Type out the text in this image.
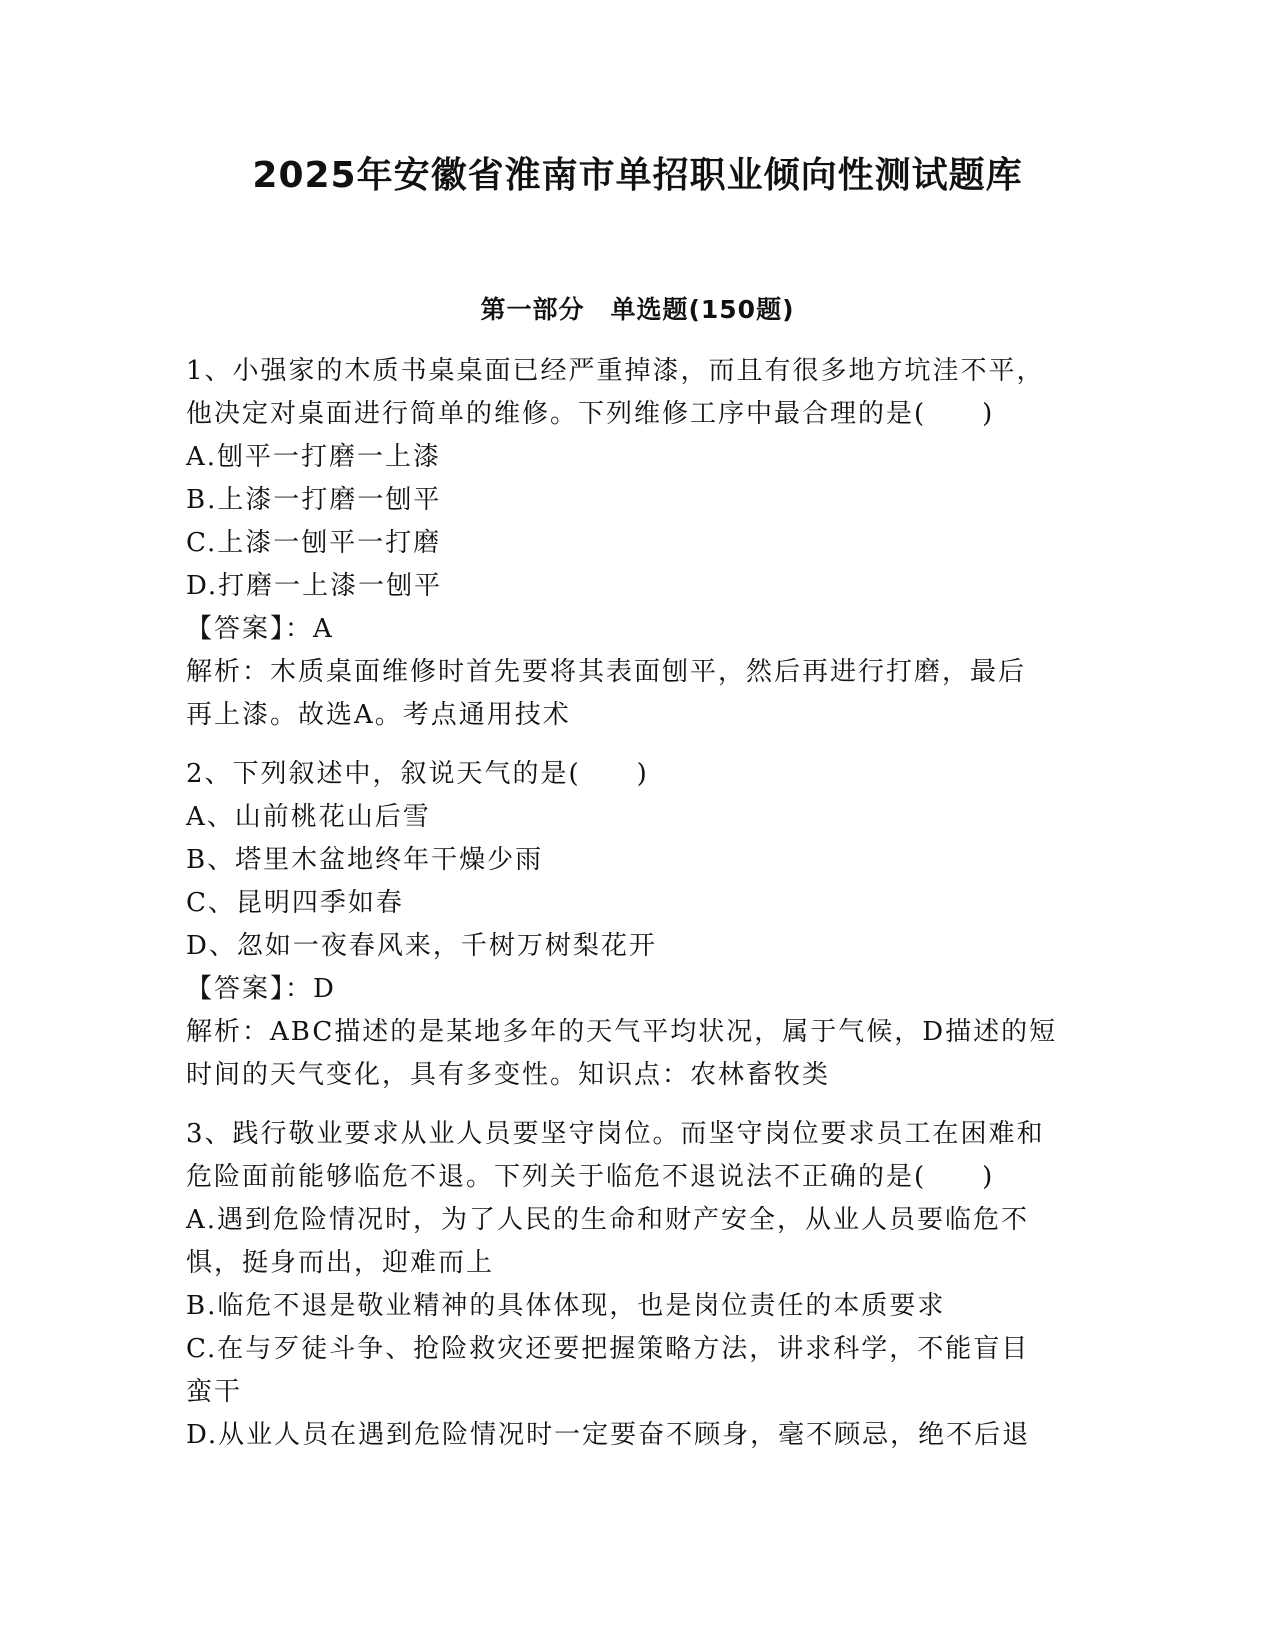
2025年安徽省淮南市单招职业倾向性测试题库
第一部分　单选题(150题)

1、小强家的木质书桌桌面已经严重掉漆，而且有很多地方坑洼不平，

他决定对桌面进行简单的维修。下列维修工序中最合理的是(　　)

A.刨平一打磨一上漆

B.上漆一打磨一刨平

C.上漆一刨平一打磨

D.打磨一上漆一刨平

【答案】：A

解析：木质桌面维修时首先要将其表面刨平，然后再进行打磨，最后

再上漆。故选A。考点通用技术

2、下列叙述中，叙说天气的是(　　)

A、山前桃花山后雪

B、塔里木盆地终年干燥少雨

C、昆明四季如春

D、忽如一夜春风来，千树万树梨花开

【答案】：D

解析：ABC描述的是某地多年的天气平均状况，属于气候，D描述的短

时间的天气变化，具有多变性。知识点：农林畜牧类

3、践行敬业要求从业人员要坚守岗位。而坚守岗位要求员工在困难和

危险面前能够临危不退。下列关于临危不退说法不正确的是(　　)

A.遇到危险情况时，为了人民的生命和财产安全，从业人员要临危不

惧，挺身而出，迎难而上

B.临危不退是敬业精神的具体体现，也是岗位责任的本质要求

C.在与歹徒斗争、抢险救灾还要把握策略方法，讲求科学，不能盲目

蛮干

D.从业人员在遇到危险情况时一定要奋不顾身，毫不顾忌，绝不后退
